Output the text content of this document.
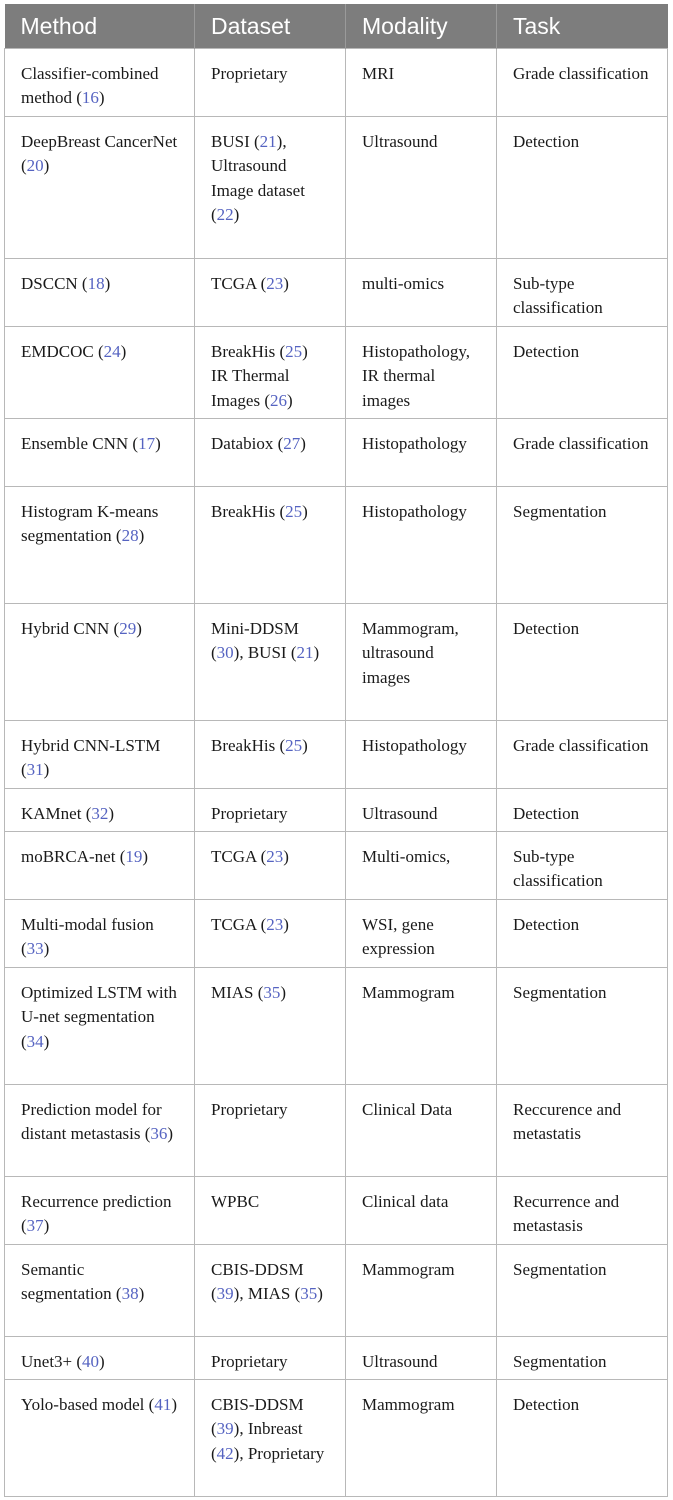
Method	Dataset	Modality	Task
Classifier-combined method (16)	Proprietary	MRI	Grade classification
DeepBreast CancerNet (20)	BUSI (21), Ultrasound Image dataset (22)	Ultrasound	Detection
DSCCN (18)	TCGA (23)	multi-omics	Sub-type classification
EMDCOC (24)	BreakHis (25) IR Thermal Images (26)	Histopathology, IR thermal images	Detection
Ensemble CNN (17)	Databiox (27)	Histopathology	Grade classification
Histogram K-means segmentation (28)	BreakHis (25)	Histopathology	Segmentation
Hybrid CNN (29)	Mini-DDSM (30), BUSI (21)	Mammogram, ultrasound images	Detection
Hybrid CNN-LSTM (31)	BreakHis (25)	Histopathology	Grade classification
KAMnet (32)	Proprietary	Ultrasound	Detection
moBRCA-net (19)	TCGA (23)	Multi-omics,	Sub-type classification
Multi-modal fusion (33)	TCGA (23)	WSI, gene expression	Detection
Optimized LSTM with U-net segmentation (34)	MIAS (35)	Mammogram	Segmentation
Prediction model for distant metastasis (36)	Proprietary	Clinical Data	Reccurence and metastatis
Recurrence prediction (37)	WPBC	Clinical data	Recurrence and metastasis
Semantic segmentation (38)	CBIS-DDSM (39), MIAS (35)	Mammogram	Segmentation
Unet3+ (40)	Proprietary	Ultrasound	Segmentation
Yolo-based model (41)	CBIS-DDSM (39), Inbreast (42), Proprietary	Mammogram	Detection
